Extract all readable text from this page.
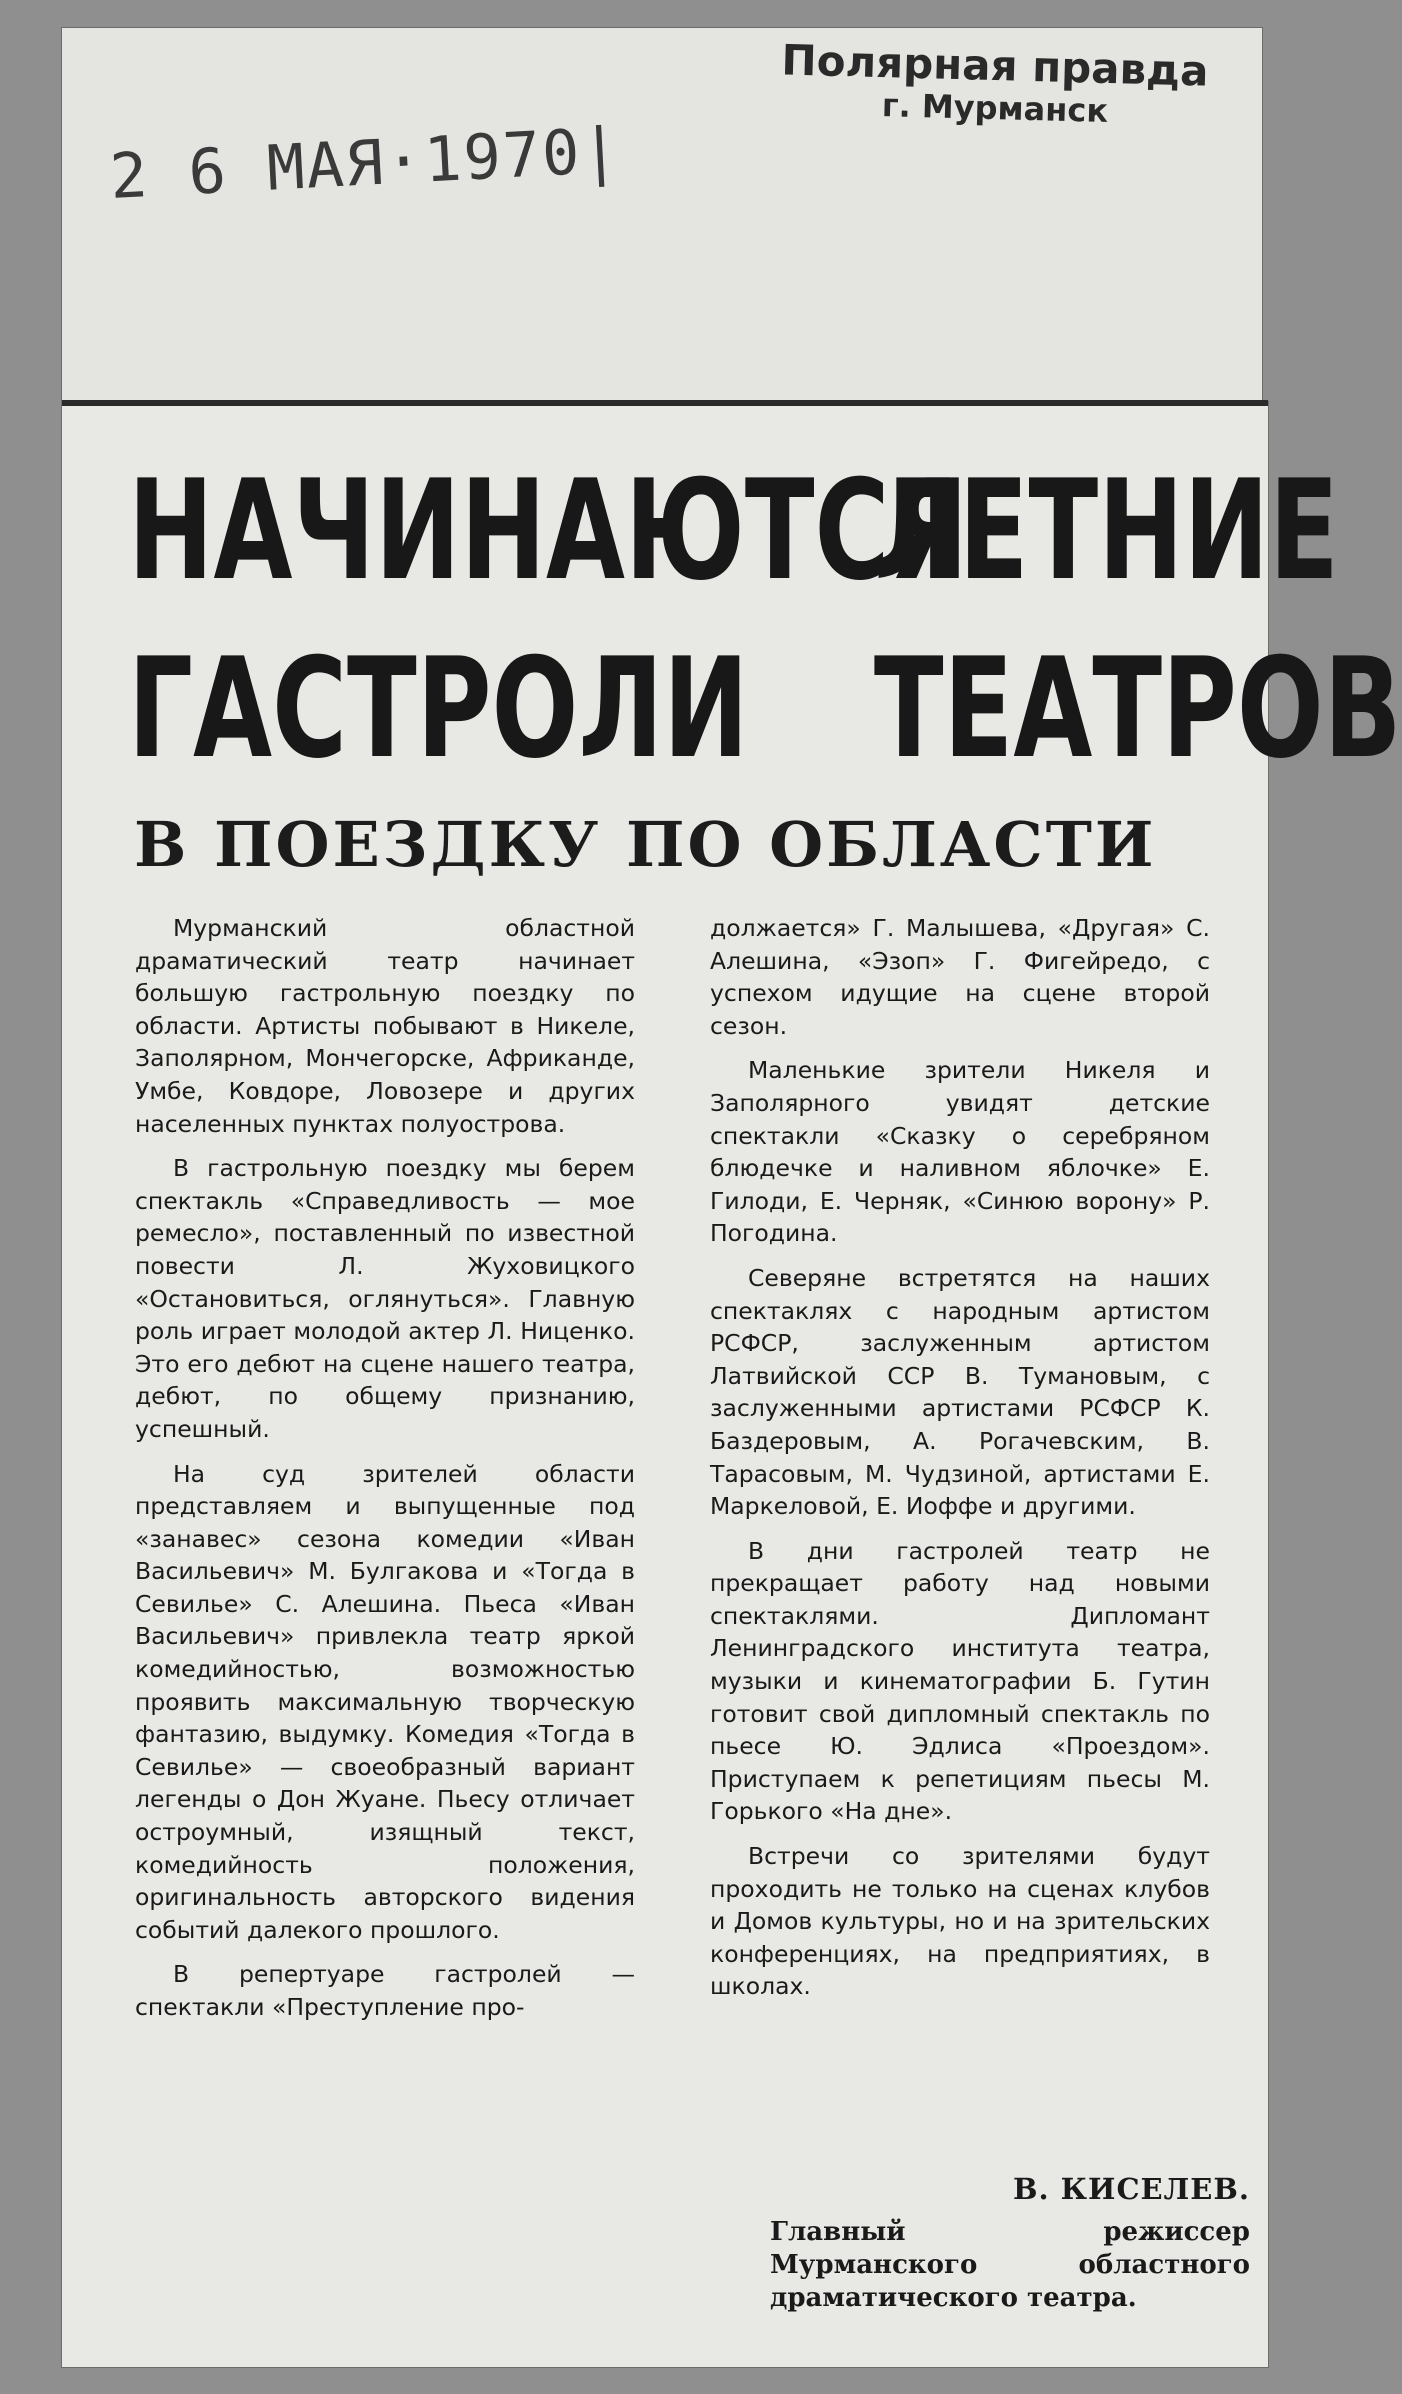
Полярная правда
г. Мурманск
2 6 МАЯ·1970|
НАЧИНАЮТСЯ
ЛЕТНИЕ
ГАСТРОЛИ ТЕАТРОВ
В ПОЕЗДКУ ПО ОБЛАСТИ

Мурманский областной драматический театр начинает большую гастрольную поездку по области. Артисты побывают в Никеле, Заполярном, Мончегорске, Африканде, Умбе, Ковдоре, Ловозере и других населенных пунктах полуострова.

В гастрольную поездку мы берем спектакль «Справедливость — мое ремесло», поставленный по известной повести Л. Жуховицкого «Остановиться, оглянуться». Главную роль играет молодой актер Л. Ниценко. Это его дебют на сцене нашего театра, дебют, по общему признанию, успешный.

На суд зрителей области представляем и выпущенные под «занавес» сезона комедии «Иван Васильевич» М. Булгакова и «Тогда в Севилье» С. Алешина. Пьеса «Иван Васильевич» привлекла театр яркой комедийностью, возможностью проявить максимальную творческую фантазию, выдумку. Комедия «Тогда в Севилье» — своеобразный вариант легенды о Дон Жуане. Пьесу отличает остроумный, изящный текст, комедийность положения, оригинальность авторского видения событий далекого прошлого.

В репертуаре гастролей — спектакли «Преступление про-

должается» Г. Малышева, «Другая» С. Алешина, «Эзоп» Г. Фигейредо, с успехом идущие на сцене второй сезон.

Маленькие зрители Никеля и Заполярного увидят детские спектакли «Сказку о серебряном блюдечке и наливном яблочке» Е. Гилоди, Е. Черняк, «Синюю ворону» Р. Погодина.

Северяне встретятся на наших спектаклях с народным артистом РСФСР, заслуженным артистом Латвийской ССР В. Тумановым, с заслуженными артистами РСФСР К. Баздеровым, А. Рогачевским, В. Тарасовым, М. Чудзиной, артистами Е. Маркеловой, Е. Иоффе и другими.

В дни гастролей театр не прекращает работу над новыми спектаклями. Дипломант Ленинградского института театра, музыки и кинематографии Б. Гутин готовит свой дипломный спектакль по пьесе Ю. Эдлиса «Проездом». Приступаем к репетициям пьесы М. Горького «На дне».

Встречи со зрителями будут проходить не только на сценах клубов и Домов культуры, но и на зрительских конференциях, на предприятиях, в школах.

В. КИСЕЛЕВ.
Главный режиссер Мурманского областного драматического театра.
